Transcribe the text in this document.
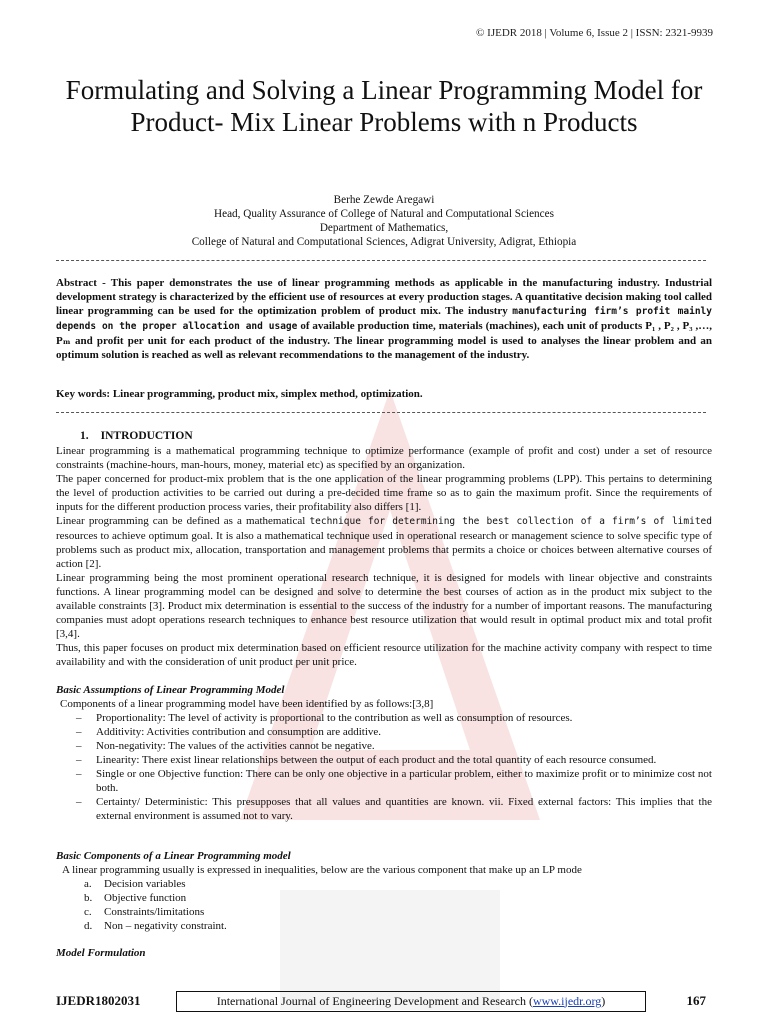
© IJEDR 2018 | Volume 6, Issue 2 | ISSN: 2321-9939
Formulating and Solving a Linear Programming Model for Product- Mix Linear Problems with n Products
Berhe Zewde Aregawi
Head, Quality Assurance of College of Natural and Computational Sciences
Department of Mathematics,
College of Natural and Computational Sciences, Adigrat University, Adigrat, Ethiopia
Abstract - This paper demonstrates the use of linear programming methods as applicable in the manufacturing industry. Industrial development strategy is characterized by the efficient use of resources at every production stages. A quantitative decision making tool called linear programming can be used for the optimization problem of product mix. The industry manufacturing firm’s profit mainly depends on the proper allocation and usage of available production time, materials (machines), each unit of products P₁ , P₂ , P₃ ,…, Pₘ and profit per unit for each product of the industry. The linear programming model is used to analyses the linear problem and an optimum solution is reached as well as relevant recommendations to the management of the industry.
Key words: Linear programming, product mix, simplex method, optimization.
1. INTRODUCTION

Linear programming is a mathematical programming technique to optimize performance (example of profit and cost) under a set of resource constraints (machine-hours, man-hours, money, material etc) as specified by an organization.

The paper concerned for product-mix problem that is the one application of the linear programming problems (LPP). This pertains to determining the level of production activities to be carried out during a pre-decided time frame so as to gain the maximum profit. Since the requirements of inputs for the different production process varies, their profitability also differs [1].

Linear programming can be defined as a mathematical technique for determining the best collection of a firm’s of limited resources to achieve optimum goal. It is also a mathematical technique used in operational research or management science to solve specific type of problems such as product mix, allocation, transportation and management problems that permits a choice or choices between alternative courses of action [2].

Linear programming being the most prominent operational research technique, it is designed for models with linear objective and constraints functions. A linear programming model can be designed and solve to determine the best courses of action as in the product mix subject to the available constraints [3]. Product mix determination is essential to the success of the industry for a number of important reasons. The manufacturing companies must adopt operations research techniques to enhance best resource utilization that would result in optimal product mix and total profit [3,4].

Thus, this paper focuses on product mix determination based on efficient resource utilization for the machine activity company with respect to time availability and with the consideration of unit product per unit price.

Basic Assumptions of Linear Programming Model
Components of a linear programming model have been identified by as follows:[3,8]
– Proportionality: The level of activity is proportional to the contribution as well as consumption of resources.
– Additivity: Activities contribution and consumption are additive.
– Non-negativity: The values of the activities cannot be negative.
– Linearity: There exist linear relationships between the output of each product and the total quantity of each resource consumed.
– Single or one Objective function: There can be only one objective in a particular problem, either to maximize profit or to minimize cost not both.
– Certainty/ Deterministic: This presupposes that all values and quantities are known. vii. Fixed external factors: This implies that the external environment is assumed not to vary.
Basic Components of a Linear Programming model
A linear programming usually is expressed in inequalities, below are the various component that make up an LP mode
a. Decision variables
b. Objective function
c. Constraints/limitations
d. Non – negativity constraint.
Model Formulation
IJEDR1802031	International Journal of Engineering Development and Research (www.ijedr.org)	167
